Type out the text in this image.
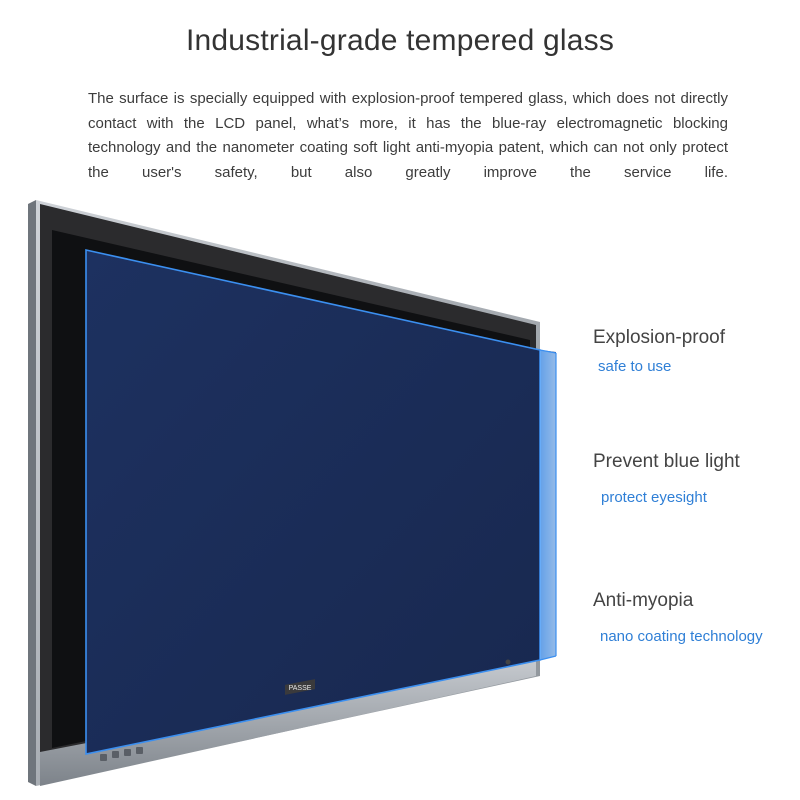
Industrial-grade tempered glass
The surface is specially equipped with explosion-proof tempered glass, which does not directly contact with the LCD panel, what’s more, it has the blue-ray electromagnetic blocking technology and the nanometer coating soft light anti-myopia patent, which can not only protect the user's safety, but also greatly improve the service life.
PASSE
Explosion-proof
safe to use
Prevent blue light
protect eyesight
Anti-myopia
nano coating technology
